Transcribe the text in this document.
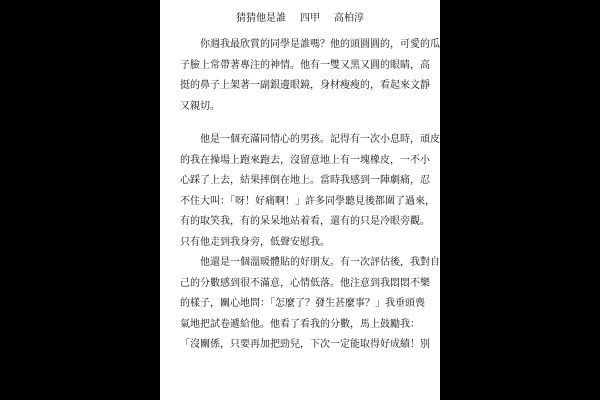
猜猜他是誰 四甲 高柏淳
你週我最欣賞的同學是誰嗎？他的頭圓圓的，可愛的瓜
子臉上常帶著專注的神情。他有一雙又黑又圓的眼睛，高
挺的鼻子上架著一副銀邊眼鏡，身材瘦瘦的，看起來文靜
又親切。
他是一個充滿同情心的男孩。記得有一次小息時，頑皮
的我在操場上跑來跑去，沒留意地上有一塊橡皮，一不小
心踩了上去，結果摔倒在地上。當時我感到一陣劇痛，忍
不住大叫：「呀！好痛啊！」許多同學聽見後都圍了過來，
有的取笑我，有的呆呆地站着看，還有的只是冷眼旁觀。
只有他走到我身旁，低聲安慰我。
他還是一個溫暖體貼的好朋友。有一次評估後，我對自
己的分數感到很不滿意，心情低落。他注意到我悶悶不樂
的樣子，關心地問：「怎麼了？發生甚麼事？」我垂頭喪
氣地把試卷遞給他。他看了看我的分數，馬上鼓勵我：
「沒關係，只要再加把勁兒，下次一定能取得好成績！別
